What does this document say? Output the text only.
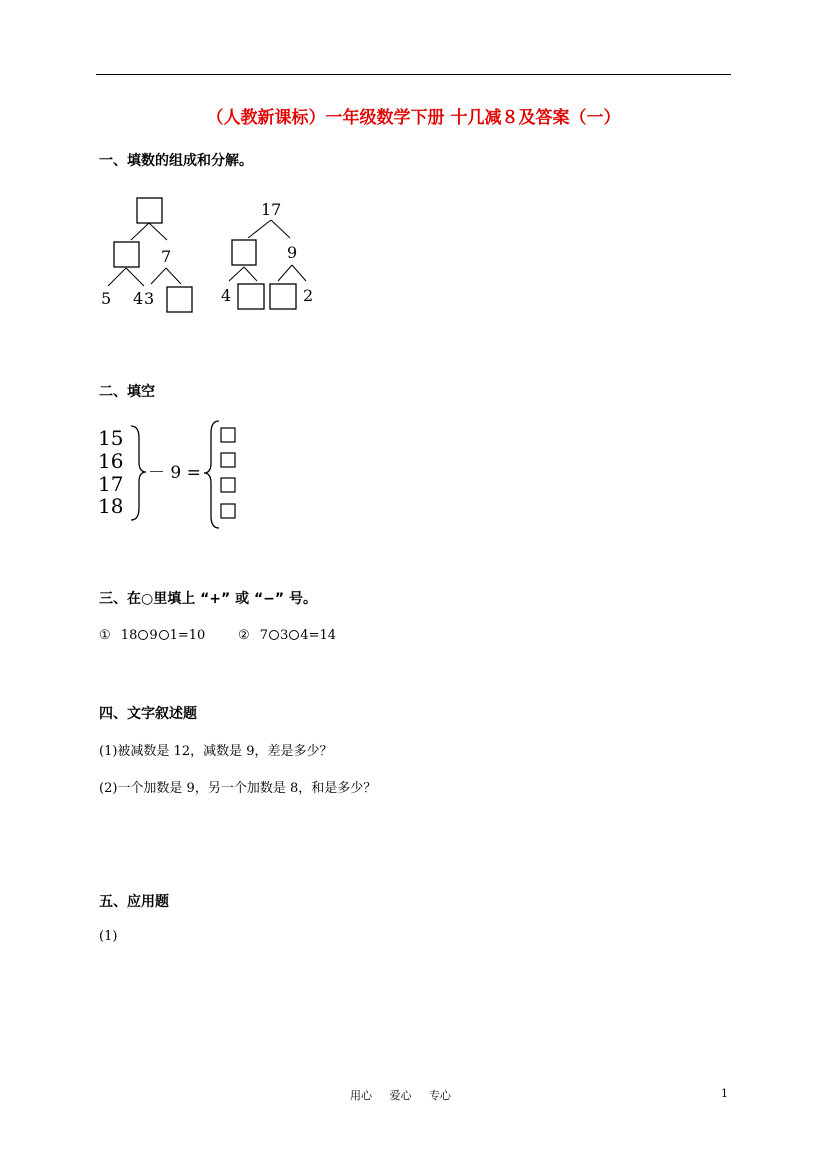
（人教新课标）一年级数学下册 十几减８及答案（一）
一、填数的组成和分解。
7
5 4 3
17
9
4	2
二、填空
15
16
17
18
－ 9 =
三、在○里填上 “+” 或 “−” 号。
① 18 9 1=10	② 7 3 4=14
四、文字叙述题
(1)被减数是 12，减数是 9，差是多少？
(2)一个加数是 9，另一个加数是 8，和是多少？
五、应用题
(1)
用心 爱心 专心	1
